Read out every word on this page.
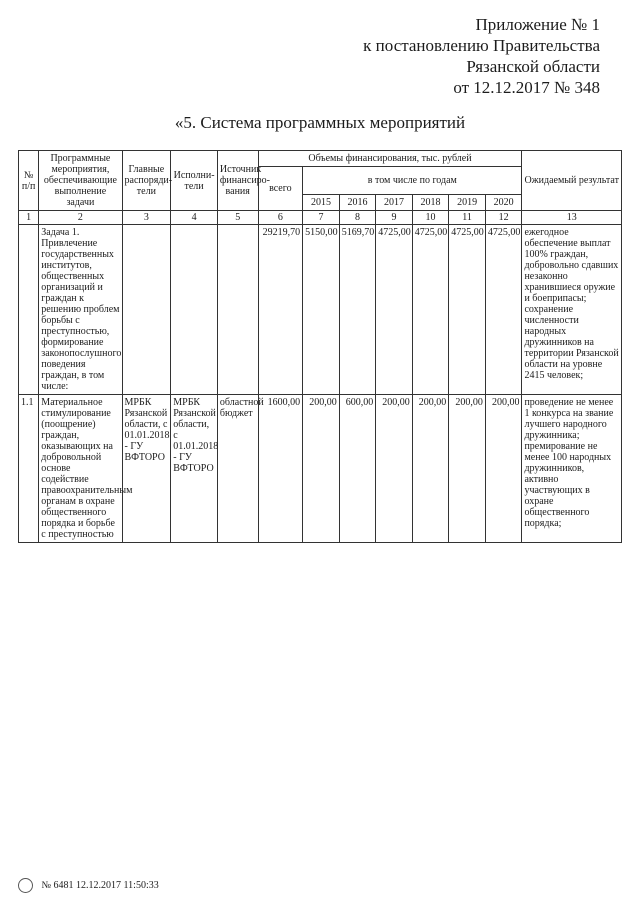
Приложение № 1
к постановлению Правительства
Рязанской области
от 12.12.2017 № 348
«5. Система программных мероприятий
№ п/п	Программные мероприятия, обеспечивающие выполнение задачи	Главные распоряди-тели	Исполни-тели	Источник финансиро-вания	Объемы финансирования, тыс. рублей							Ожидаемый результат
					всего	в том числе по годам						
						2015	2016	2017	2018	2019	2020	
1	2	3	4	5	6	7	8	9	10	11	12	13
	Задача 1. Привлечение государственных институтов, общественных организаций и граждан к решению проблем борьбы с преступностью, формирование законопослушного поведения граждан, в том числе:				29219,70	5150,00	5169,70	4725,00	4725,00	4725,00	4725,00	ежегодное обеспечение выплат 100% граждан, добровольно сдавших незаконно хранившиеся оружие и боеприпасы; сохранение численности народных дружинников на территории Рязанской области на уровне 2415 человек;
1.1	Материальное стимулирование (поощрение) граждан, оказывающих на добровольной основе содействие правоохранительным органам в охране общественного порядка и борьбе с преступностью	МРБК Рязанской области, с 01.01.2018 - ГУ ВФТОРО	МРБК Рязанской области, с 01.01.2018 - ГУ ВФТОРО	областной бюджет	1600,00	200,00	600,00	200,00	200,00	200,00	200,00	проведение не менее 1 конкурса на звание лучшего народного дружинника; премирование не менее 100 народных дружинников, активно участвующих в охране общественного порядка;
№ 6481 12.12.2017 11:50:33
